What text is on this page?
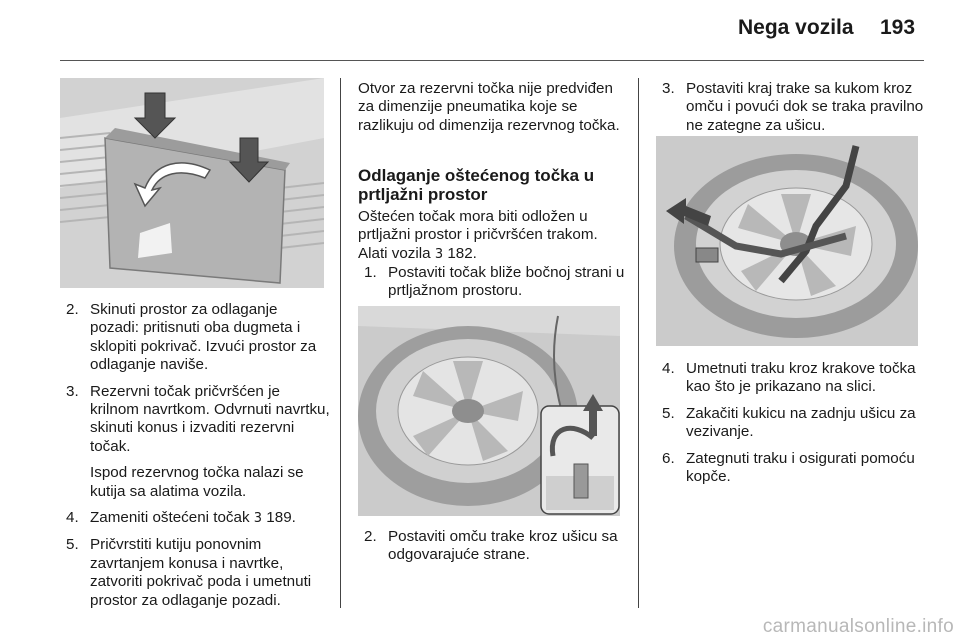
Nega vozila 193
2. Skinuti prostor za odlaganje pozadi: pritisnuti oba dugmeta i sklopiti pokrivač. Izvući prostor za odlaganje naviše.
3. Rezervni točak pričvršćen je krilnom navrtkom. Odvrnuti navrtku, skinuti konus i izvaditi rezervni točak.
Ispod rezervnog točka nalazi se kutija sa alatima vozila.
4. Zameniti oštećeni točak 3 189.
5. Pričvrstiti kutiju ponovnim zavrtanjem konusa i navrtke, zatvoriti pokrivač poda i umetnuti prostor za odlaganje pozadi.

Otvor za rezervni točka nije predviđen za dimenzije pneumatika koje se razlikuju od dimenzija rezervnog točka.

Odlaganje oštećenog točka u prtljažni prostor

Oštećen točak mora biti odložen u prtljažni prostor i pričvršćen trakom. Alati vozila 3 182.

1. Postaviti točak bliže bočnoj strani u prtljažnom prostoru.
2. Postaviti omču trake kroz ušicu sa odgovarajuće strane.
3. Postaviti kraj trake sa kukom kroz omču i povući dok se traka pravilno ne zategne za ušicu.
4. Umetnuti traku kroz krakove točka kao što je prikazano na slici.
5. Zakačiti kukicu na zadnju ušicu za vezivanje.
6. Zategnuti traku i osigurati pomoću kopče.
carmanualsonline.info
